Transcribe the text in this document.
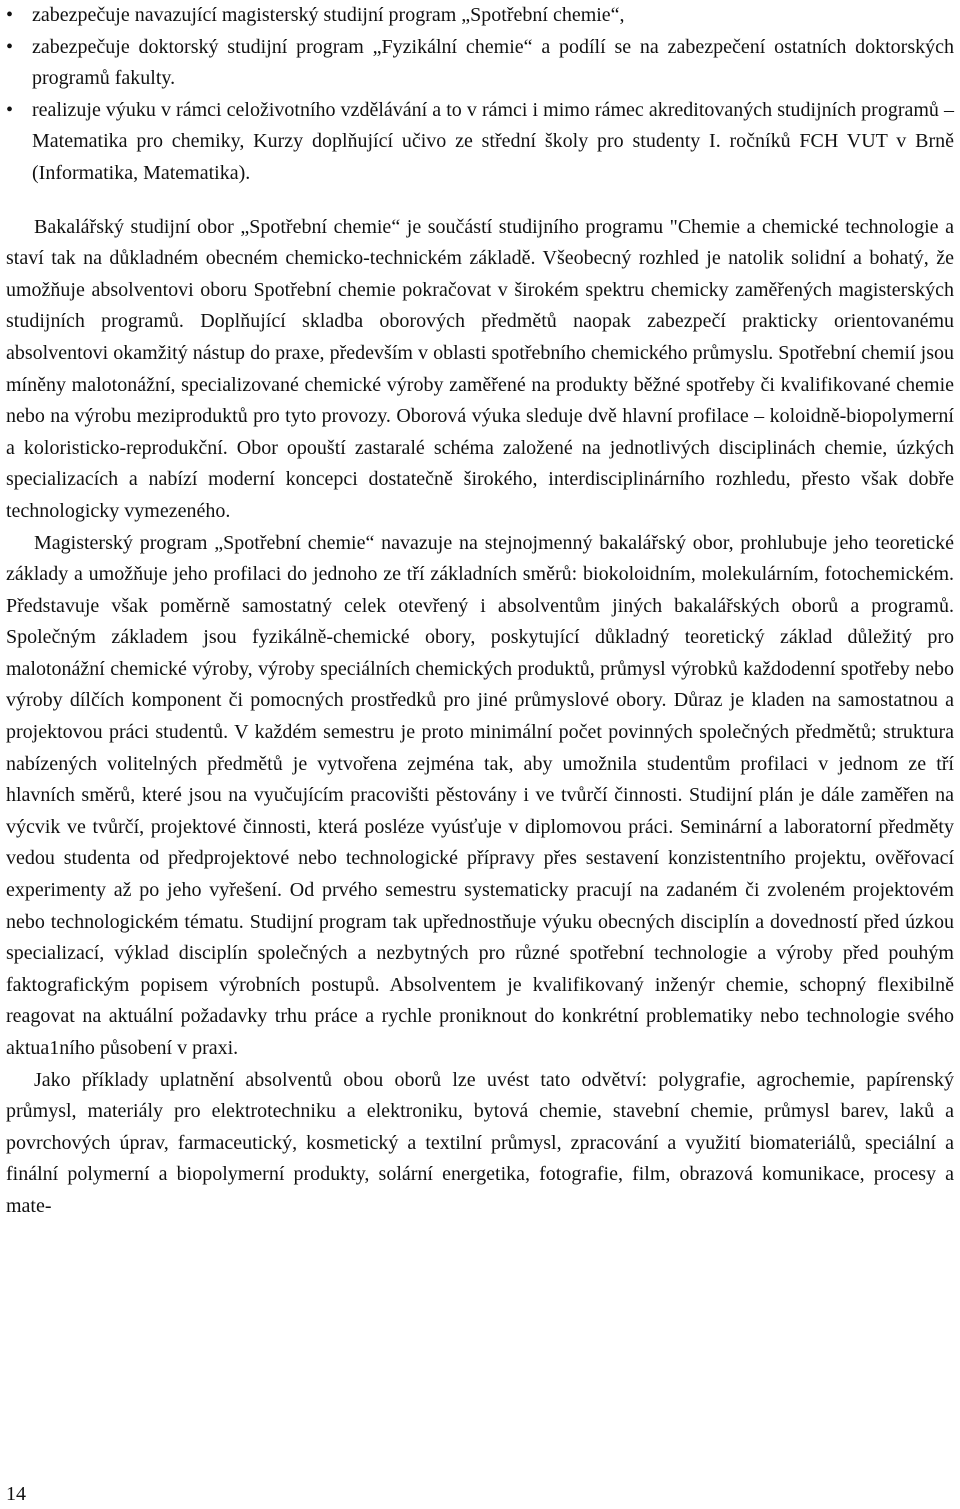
• zabezpečuje navazující magisterský studijní program „Spotřební chemie“,
• zabezpečuje doktorský studijní program „Fyzikální chemie“ a podílí se na zabezpečení ostatních doktorských programů fakulty.
• realizuje výuku v rámci celoživotního vzdělávání a to v rámci i mimo rámec akreditovaných studijních programů – Matematika pro chemiky, Kurzy doplňující učivo ze střední školy pro studenty I. ročníků FCH VUT v Brně (Informatika, Matematika).

Bakalářský studijní obor „Spotřební chemie“ je součástí studijního programu "Chemie a chemické technologie a staví tak na důkladném obecném chemicko-technickém základě. Všeobecný rozhled je natolik solidní a bohatý, že umožňuje absolventovi oboru Spotřební chemie pokračovat v širokém spektru chemicky zaměřených magisterských studijních programů. Doplňující skladba oborových předmětů naopak zabezpečí prakticky orientovanému absolventovi okamžitý nástup do praxe, především v oblasti spotřebního chemického průmyslu. Spotřební chemií jsou míněny malotonážní, specializované chemické výroby zaměřené na produkty běžné spotřeby či kvalifikované chemie nebo na výrobu meziproduktů pro tyto provozy. Oborová výuka sleduje dvě hlavní profilace – koloidně-biopolymerní a koloristicko-reprodukční. Obor opouští zastaralé schéma založené na jednotlivých disciplinách chemie, úzkých specializacích a nabízí moderní koncepci dostatečně širokého, interdisciplinárního rozhledu, přesto však dobře technologicky vymezeného.

Magisterský program „Spotřební chemie“ navazuje na stejnojmenný bakalářský obor, prohlubuje jeho teoretické základy a umožňuje jeho profilaci do jednoho ze tří základních směrů: biokoloidním, molekulárním, fotochemickém. Představuje však poměrně samostatný celek otevřený i absolventům jiných bakalářských oborů a programů. Společným základem jsou fyzikálně-chemické obory, poskytující důkladný teoretický základ důležitý pro malotonážní chemické výroby, výroby speciálních chemických produktů, průmysl výrobků každodenní spotřeby nebo výroby dílčích komponent či pomocných prostředků pro jiné průmyslové obory. Důraz je kladen na samostatnou a projektovou práci studentů. V každém semestru je proto minimální počet povinných společných předmětů; struktura nabízených volitelných předmětů je vytvořena zejména tak, aby umožnila studentům profilaci v jednom ze tří hlavních směrů, které jsou na vyučujícím pracovišti pěstovány i ve tvůrčí činnosti. Studijní plán je dále zaměřen na výcvik ve tvůrčí, projektové činnosti, která posléze vyúsťuje v diplomovou práci. Seminární a laboratorní předměty vedou studenta od předprojektové nebo technologické přípravy přes sestavení konzistentního projektu, ověřovací experimenty až po jeho vyřešení. Od prvého semestru systematicky pracují na zadaném či zvoleném projektovém nebo technologickém tématu. Studijní program tak upřednostňuje výuku obecných disciplín a dovedností před úzkou specializací, výklad disciplín společných a nezbytných pro různé spotřební technologie a výroby před pouhým faktografickým popisem výrobních postupů. Absolventem je kvalifikovaný inženýr chemie, schopný flexibilně reagovat na aktuální požadavky trhu práce a rychle proniknout do konkrétní problematiky nebo technologie svého aktua1ního působení v praxi.

Jako příklady uplatnění absolventů obou oborů lze uvést tato odvětví: polygrafie, agrochemie, papírenský průmysl, materiály pro elektrotechniku a elektroniku, bytová chemie, stavební chemie, průmysl barev, laků a povrchových úprav, farmaceutický, kosmetický a textilní průmysl, zpracování a využití biomateriálů, speciální a finální polymerní a biopolymerní produkty, solární energetika, fotografie, film, obrazová komunikace, procesy a mate-

14
